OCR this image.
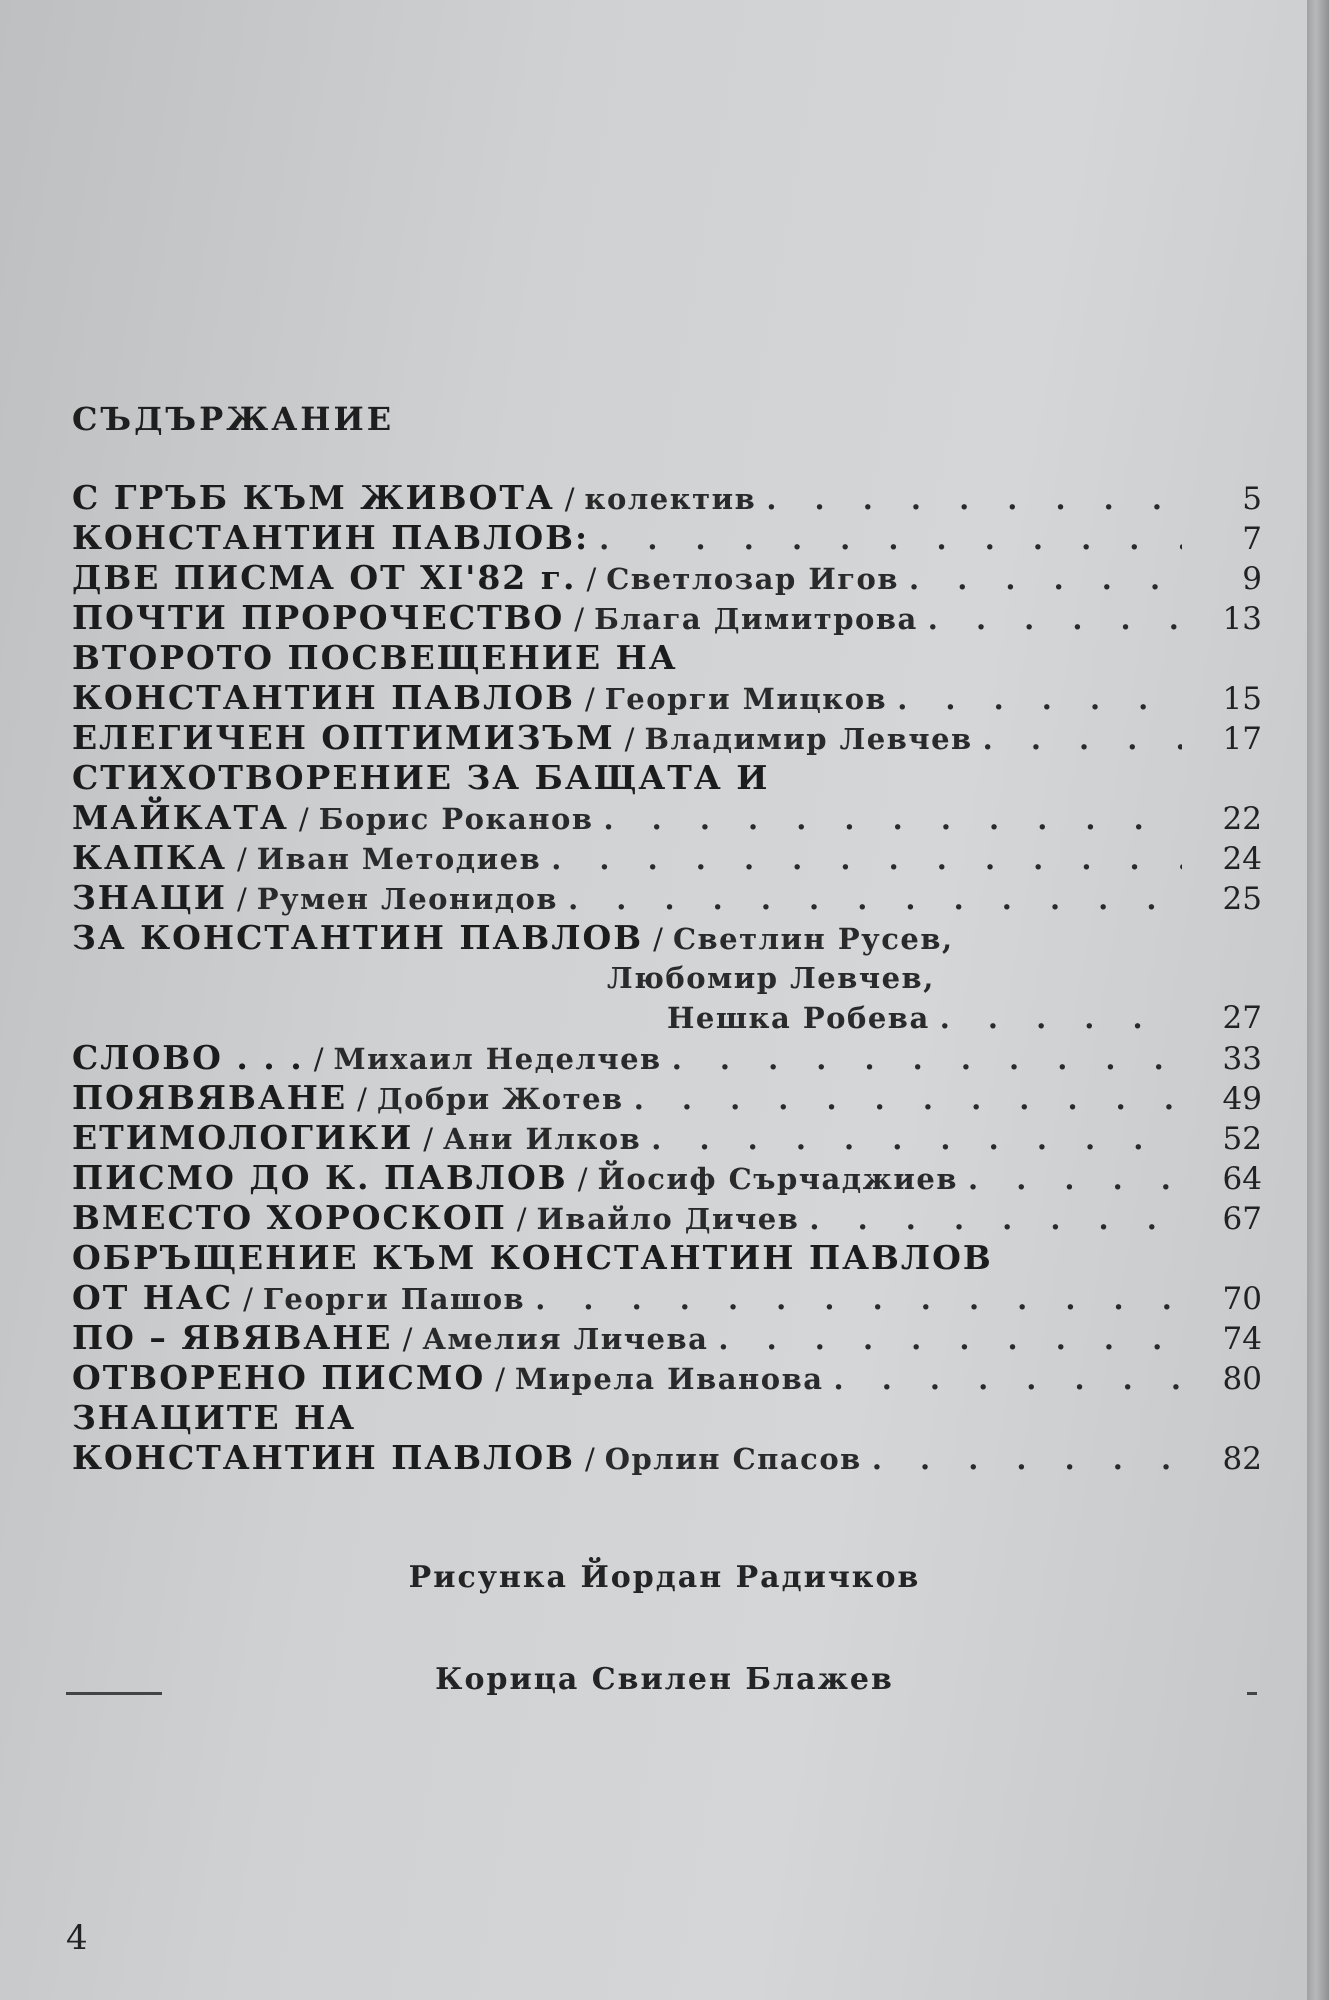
СЪДЪРЖАНИЕ
С ГРЪБ КЪМ ЖИВОТА / колектив . . .	5
КОНСТАНТИН ПАВЛОВ: . . .	7
ДВЕ ПИСМА ОТ XI'82 г. / Светлозар Игов . . .	9
ПОЧТИ ПРОРОЧЕСТВО / Блага Димитрова . . .	13
ВТОРОТО ПОСВЕЩЕНИЕ НА
КОНСТАНТИН ПАВЛОВ / Георги Мицков . . .	15
ЕЛЕГИЧЕН ОПТИМИЗЪМ / Владимир Левчев . . .	17
СТИХОТВОРЕНИЕ ЗА БАЩАТА И
МАЙКАТА / Борис Роканов . . .	22
КАПКА / Иван Методиев . . .	24
ЗНАЦИ / Румен Леонидов . . .	25
ЗА КОНСТАНТИН ПАВЛОВ / Светлин Русев,
Любомир Левчев,
Нешка Робева . . .	27
СЛОВО . . . / Михаил Неделчев . . .	33
ПОЯВЯВАНЕ / Добри Жотев . . .	49
ЕТИМОЛОГИКИ / Ани Илков . . .	52
ПИСМО ДО К. ПАВЛОВ / Йосиф Сърчаджиев . . .	64
ВМЕСТО ХОРОСКОП / Ивайло Дичев . . .	67
ОБРЪЩЕНИЕ КЪМ КОНСТАНТИН ПАВЛОВ
ОТ НАС / Георги Пашов . . .	70
ПО – ЯВЯВАНЕ / Амелия Личева . . .	74
ОТВОРЕНО ПИСМО / Мирела Иванова . . .	80
ЗНАЦИТЕ НА
КОНСТАНТИН ПАВЛОВ / Орлин Спасов . . .	82
Рисунка Йордан Радичков
Корица Свилен Блажев
4
